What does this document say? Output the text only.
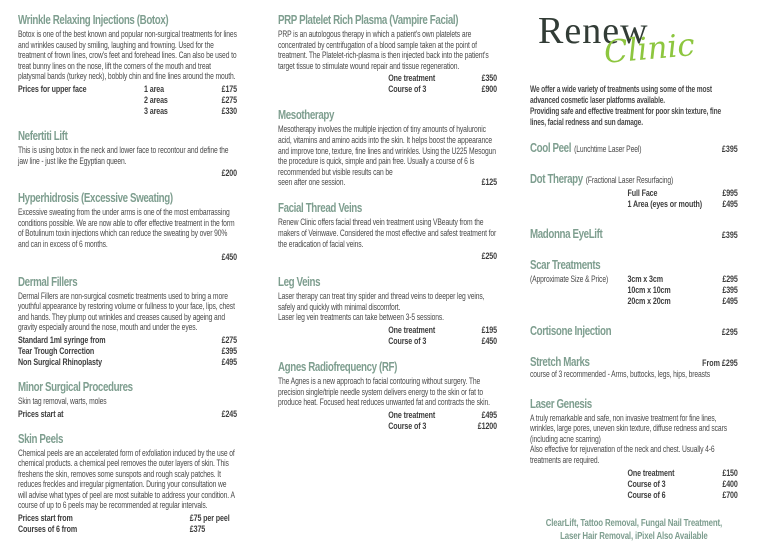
Wrinkle Relaxing Injections (Botox)

Botox is one of the best known and popular non-surgical treatments for lines and wrinkles caused by smiling, laughing and frowning. Used for the treatment of frown lines, crow's feet and forehead lines. Can also be used to treat bunny lines on the nose, lift the corners of the mouth and treat platysmal bands (turkey neck), bobbly chin and fine lines around the mouth.

Prices for upper face	1 area	£175
2 areas	£275
3 areas	£330
Nefertiti Lift

This is using botox in the neck and lower face to recontour and define the jaw line - just like the Egyptian queen.

£200
Hyperhidrosis (Excessive Sweating)

Excessive sweating from the under arms is one of the most embarrassing conditions possible. We are now able to offer effective treatment in the form of Botulinum toxin injections which can reduce the sweating by over 90% and can in excess of 6 months.

£450
Dermal Fillers

Dermal Fillers are non-surgical cosmetic treatments used to bring a more youthful appearance by restoring volume or fullness to your face, lips, chest and hands. They plump out wrinkles and creases caused by ageing and gravity especially around the nose, mouth and under the eyes.

Standard 1ml syringe from	£275
Tear Trough Correction	£395
Non Surgical Rhinoplasty	£495
Minor Surgical Procedures

Skin tag removal, warts, moles

Prices start at	£245
Skin Peels

Chemical peels are an accelerated form of exfoliation induced by the use of chemical products. a chemical peel removes the outer layers of skin. This freshens the skin, removes some sunspots and rough scaly patches. It reduces freckles and irregular pigmentation. During your consultation we will advise what types of peel are most suitable to address your condition. A course of up to 6 peels may be recommended at regular intervals.

Prices start from	£75 per peel
Courses of 6 from	£375
PRP Platelet Rich Plasma (Vampire Facial)

PRP is an autologous therapy in which a patient's own platelets are concentrated by centrifugation of a blood sample taken at the point of treatment. The Platelet-rich-plasma is then injected back into the patient's target tissue to stimulate wound repair and tissue regeneration.

One treatment	£350
Course of 3	£900
Mesotherapy

Mesotherapy involves the multiple injection of tiny amounts of hyaluronic acid, vitamins and amino acids into the skin. It helps boost the appearance and improve tone, texture, fine lines and wrinkles. Using the U225 Mesogun the procedure is quick, simple and pain free. Usually a course of 6 is recommended but visible results can be

seen after one session.	£125
Facial Thread Veins

Renew Clinic offers facial thread vein treatment using VBeauty from the makers of Veinwave. Considered the most effective and safest treatment for the eradication of facial veins.

£250
Leg Veins

Laser therapy can treat tiny spider and thread veins to deeper leg veins, safely and quickly with minimal discomfort.

Laser leg vein treatments can take between 3-5 sessions.

One treatment	£195
Course of 3	£450
Agnes Radiofrequency (RF)

The Agnes is a new approach to facial contouring without surgery. The precision single/triple needle system delivers energy to the skin or fat to produce heat. Focused heat reduces unwanted fat and contracts the skin.

One treatment	£495
Course of 3	£1200
Renew
Clinic

We offer a wide variety of treatments using some of the most advanced cosmetic laser platforms available.

Providing safe and effective treatment for poor skin texture, fine lines, facial redness and sun damage.

Cool Peel (Lunchtime Laser Peel)	£395
Dot Therapy (Fractional Laser Resurfacing)
Full Face	£995
1 Area (eyes or mouth)	£495
Madonna EyeLift	£395
Scar Treatments
(Approximate Size & Price)	3cm x 3cm	£295
10cm x 10cm	£395
20cm x 20cm	£495
Cortisone Injection	£295
Stretch Marks	From £295

course of 3 recommended - Arms, buttocks, legs, hips, breasts

Laser Genesis

A truly remarkable and safe, non invasive treatment for fine lines, wrinkles, large pores, uneven skin texture, diffuse redness and scars (including acne scarring)

Also effective for rejuvenation of the neck and chest. Usually 4-6 treatments are required.

One treatment	£150
Course of 3	£400
Course of 6	£700
ClearLift, Tattoo Removal, Fungal Nail Treatment,
Laser Hair Removal, iPixel Also Available
